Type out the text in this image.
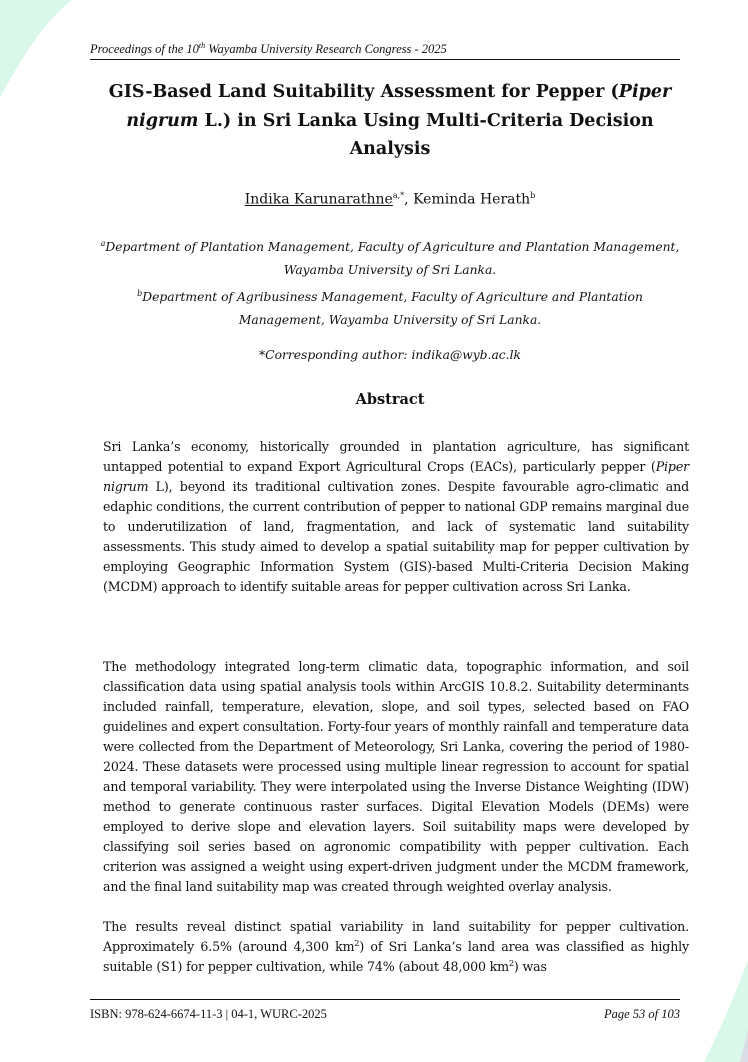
Proceedings of the 10th Wayamba University Research Congress - 2025
GIS-Based Land Suitability Assessment for Pepper (Piper nigrum L.) in Sri Lanka Using Multi-Criteria Decision Analysis
Indika Karunarathne$^{a,*}$, Keminda Herath$^b$
$^a$Department of Plantation Management, Faculty of Agriculture and Plantation Management, Wayamba University of Sri Lanka.
$^b$Department of Agribusiness Management, Faculty of Agriculture and Plantation Management, Wayamba University of Sri Lanka.
*Corresponding author: indika@wyb.ac.lk
Abstract
Sri Lanka’s economy, historically grounded in plantation agriculture, has significant untapped potential to expand Export Agricultural Crops (EACs), particularly pepper (Piper nigrum L), beyond its traditional cultivation zones. Despite favourable agro-climatic and edaphic conditions, the current contribution of pepper to national GDP remains marginal due to underutilization of land, fragmentation, and lack of systematic land suitability assessments. This study aimed to develop a spatial suitability map for pepper cultivation by employing Geographic Information System (GIS)-based Multi-Criteria Decision Making (MCDM) approach to identify suitable areas for pepper cultivation across Sri Lanka.
The methodology integrated long-term climatic data, topographic information, and soil classification data using spatial analysis tools within ArcGIS 10.8.2. Suitability determinants included rainfall, temperature, elevation, slope, and soil types, selected based on FAO guidelines and expert consultation. Forty-four years of monthly rainfall and temperature data were collected from the Department of Meteorology, Sri Lanka, covering the period of 1980-2024. These datasets were processed using multiple linear regression to account for spatial and temporal variability. They were interpolated using the Inverse Distance Weighting (IDW) method to generate continuous raster surfaces. Digital Elevation Models (DEMs) were employed to derive slope and elevation layers. Soil suitability maps were developed by classifying soil series based on agronomic compatibility with pepper cultivation. Each criterion was assigned a weight using expert-driven judgment under the MCDM framework, and the final land suitability map was created through weighted overlay analysis.
The results reveal distinct spatial variability in land suitability for pepper cultivation. Approximately 6.5% (around 4,300 $km^2$) of Sri Lanka’s land area was classified as highly suitable (S1) for pepper cultivation, while 74% (about 48,000 $km^2$) was
ISBN: 978-624-6674-11-3 | 04-1, WURC-2025	Page 53 of 103
